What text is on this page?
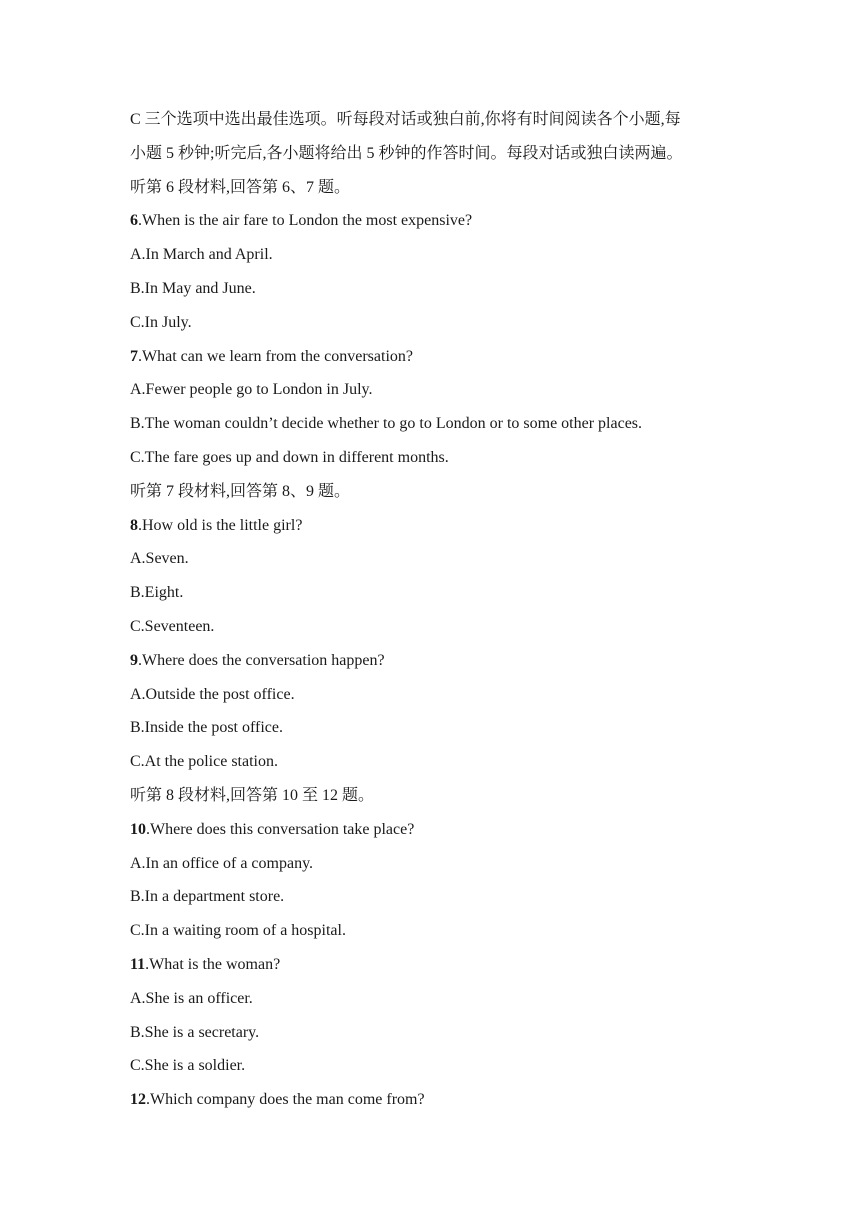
C 三个选项中选出最佳选项。听每段对话或独白前,你将有时间阅读各个小题,每
小题 5 秒钟;听完后,各小题将给出 5 秒钟的作答时间。每段对话或独白读两遍。
听第 6 段材料,回答第 6、7 题。
6.When is the air fare to London the most expensive?
A.In March and April.
B.In May and June.
C.In July.
7.What can we learn from the conversation?
A.Fewer people go to London in July.
B.The woman couldn’t decide whether to go to London or to some other places.
C.The fare goes up and down in different months.
听第 7 段材料,回答第 8、9 题。
8.How old is the little girl?
A.Seven.
B.Eight.
C.Seventeen.
9.Where does the conversation happen?
A.Outside the post office.
B.Inside the post office.
C.At the police station.
听第 8 段材料,回答第 10 至 12 题。
10.Where does this conversation take place?
A.In an office of a company.
B.In a department store.
C.In a waiting room of a hospital.
11.What is the woman?
A.She is an officer.
B.She is a secretary.
C.She is a soldier.
12.Which company does the man come from?
